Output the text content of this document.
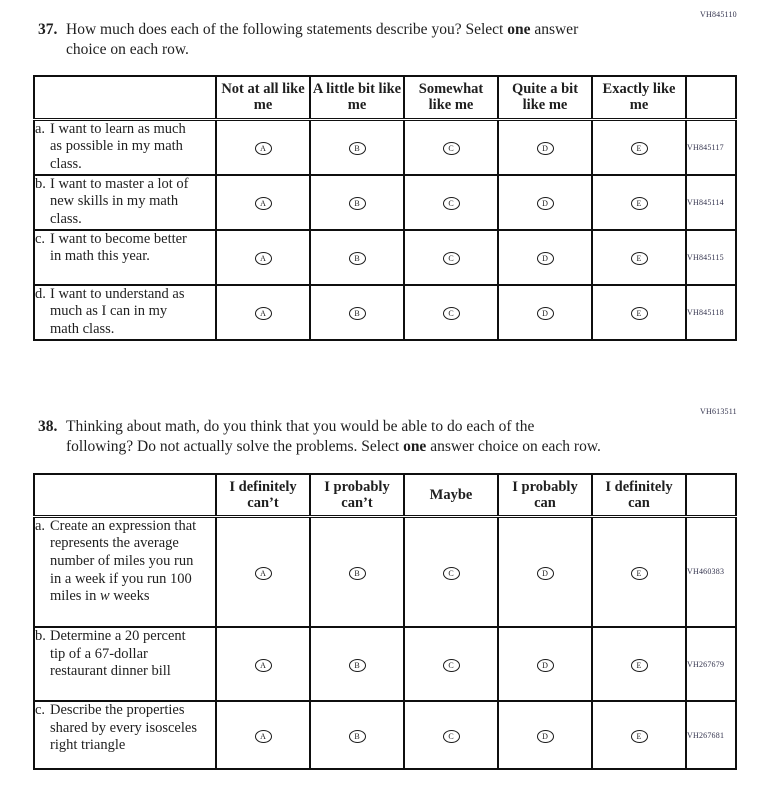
VH845110
37. How much does each of the following statements describe you? Select one answer
choice on each row.
	Not at all like me	A little bit like me	Somewhat like me	Quite a bit like me	Exactly like me	
a. I want to learn as much as possible in my math class.	A	B	C	D	E	VH845117
b. I want to master a lot of new skills in my math class.	A	B	C	D	E	VH845114
c. I want to become better in math this year.	A	B	C	D	E	VH845115
d. I want to understand as much as I can in my math class.	A	B	C	D	E	VH845118
VH613511
38. Thinking about math, do you think that you would be able to do each of the
following? Do not actually solve the problems. Select one answer choice on each row.
	I definitely can’t	I probably can’t	Maybe	I probably can	I definitely can	
a. Create an expression that represents the average number of miles you run in a week if you run 100 miles in w weeks	A	B	C	D	E	VH460383
b. Determine a 20 percent tip of a 67-dollar restaurant dinner bill	A	B	C	D	E	VH267679
c. Describe the properties shared by every isosceles right triangle	A	B	C	D	E	VH267681
